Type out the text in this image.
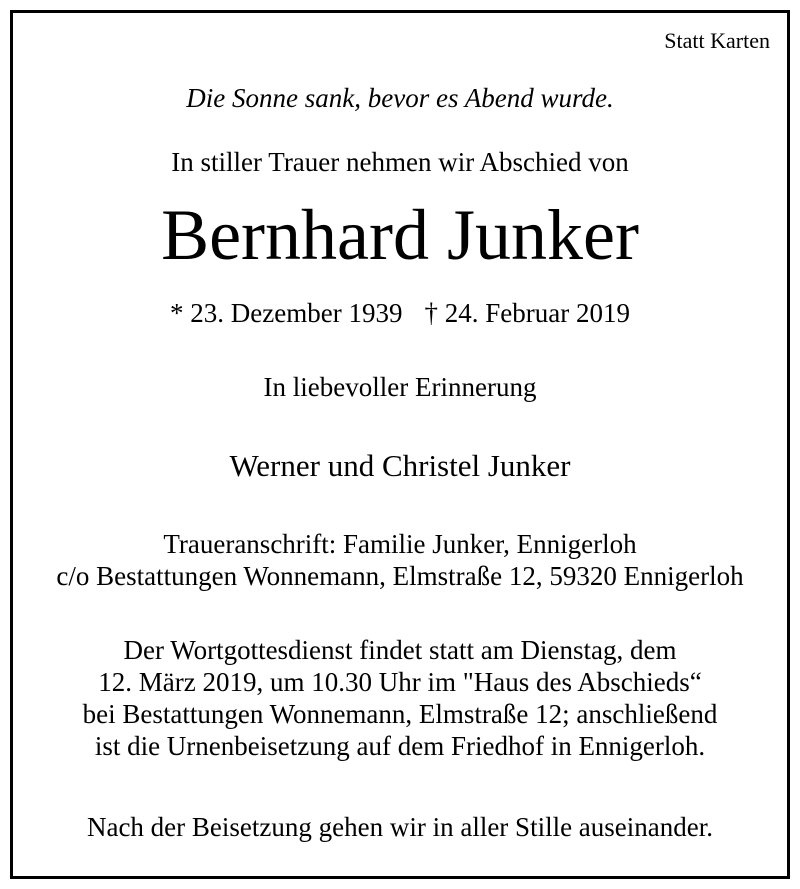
Statt Karten

Die Sonne sank, bevor es Abend wurde.

In stiller Trauer nehmen wir Abschied von

Bernhard Junker

* 23. Dezember 1939 † 24. Februar 2019

In liebevoller Erinnerung

Werner und Christel Junker

Traueranschrift: Familie Junker, Ennigerloh
c/o Bestattungen Wonnemann, Elmstraße 12, 59320 Ennigerloh
Der Wortgottesdienst findet statt am Dienstag, dem
12. März 2019, um 10.30 Uhr im "Haus des Abschieds“
bei Bestattungen Wonnemann, Elmstraße 12; anschließend
ist die Urnenbeisetzung auf dem Friedhof in Ennigerloh.

Nach der Beisetzung gehen wir in aller Stille auseinander.
